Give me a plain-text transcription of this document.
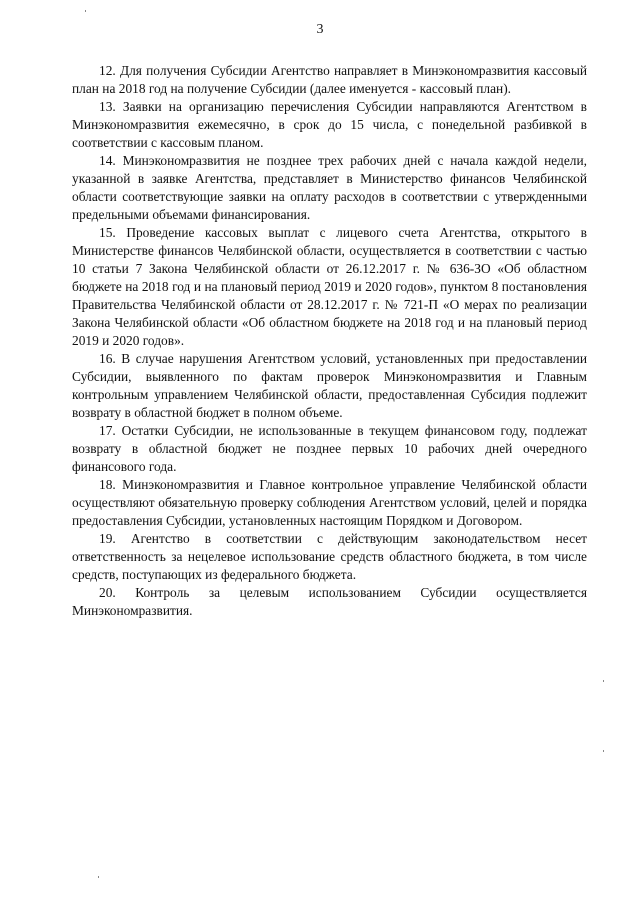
3

12. Для получения Субсидии Агентство направляет в Минэкономразвития кассовый план на 2018 год на получение Субсидии (далее именуется - кассовый план).

13. Заявки на организацию перечисления Субсидии направляются Агентством в Минэкономразвития ежемесячно, в срок до 15 числа, с понедельной разбивкой в соответствии с кассовым планом.

14. Минэкономразвития не позднее трех рабочих дней с начала каждой недели, указанной в заявке Агентства, представляет в Министерство финансов Челябинской области соответствующие заявки на оплату расходов в соответствии с утвержденными предельными объемами финансирования.

15. Проведение кассовых выплат с лицевого счета Агентства, открытого в Министерстве финансов Челябинской области, осуществляется в соответствии с частью 10 статьи 7 Закона Челябинской области от 26.12.2017 г. № 636-ЗО «Об областном бюджете на 2018 год и на плановый период 2019 и 2020 годов», пунктом 8 постановления Правительства Челябинской области от 28.12.2017 г. № 721-П «О мерах по реализации Закона Челябинской области «Об областном бюджете на 2018 год и на плановый период 2019 и 2020 годов».

16. В случае нарушения Агентством условий, установленных при предоставлении Субсидии, выявленного по фактам проверок Минэкономразвития и Главным контрольным управлением Челябинской области, предоставленная Субсидия подлежит возврату в областной бюджет в полном объеме.

17. Остатки Субсидии, не использованные в текущем финансовом году, подлежат возврату в областной бюджет не позднее первых 10 рабочих дней очередного финансового года.

18. Минэкономразвития и Главное контрольное управление Челябинской области осуществляют обязательную проверку соблюдения Агентством условий, целей и порядка предоставления Субсидии, установленных настоящим Порядком и Договором.

19. Агентство в соответствии с действующим законодательством несет ответственность за нецелевое использование средств областного бюджета, в том числе средств, поступающих из федерального бюджета.

20. Контроль за целевым использованием Субсидии осуществляется Минэкономразвития.
